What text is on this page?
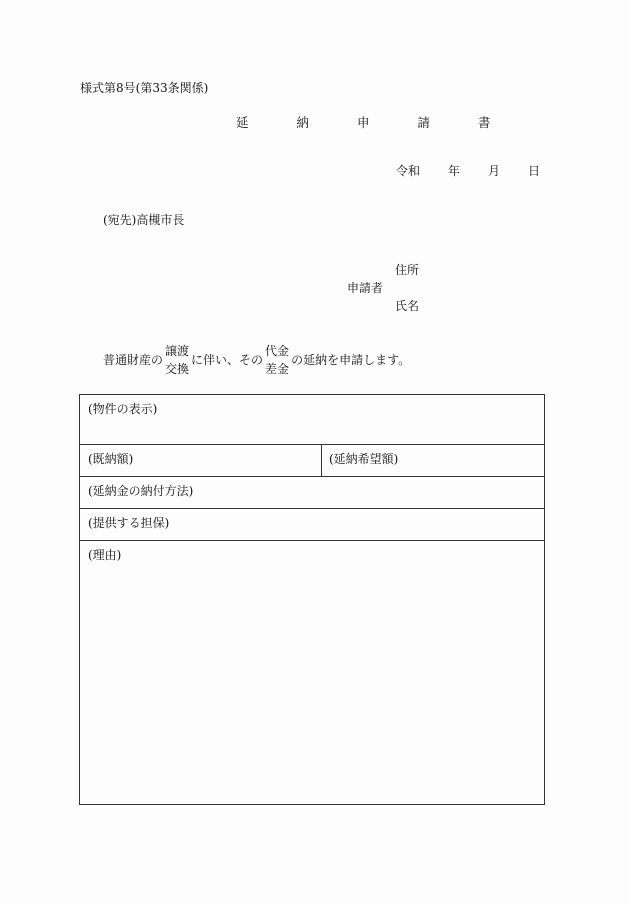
様式第8号(第33条関係)
延 納 申 請 書
令和 年 月 日
(宛先)高槻市長
住所
申請者
氏名
普通財産の
譲渡
交換
に伴い、その
代金
差金
の延納を申請します。
(物件の表示)
(既納額)	(延納希望額)
(延納金の納付方法)
(提供する担保)
(理由)
